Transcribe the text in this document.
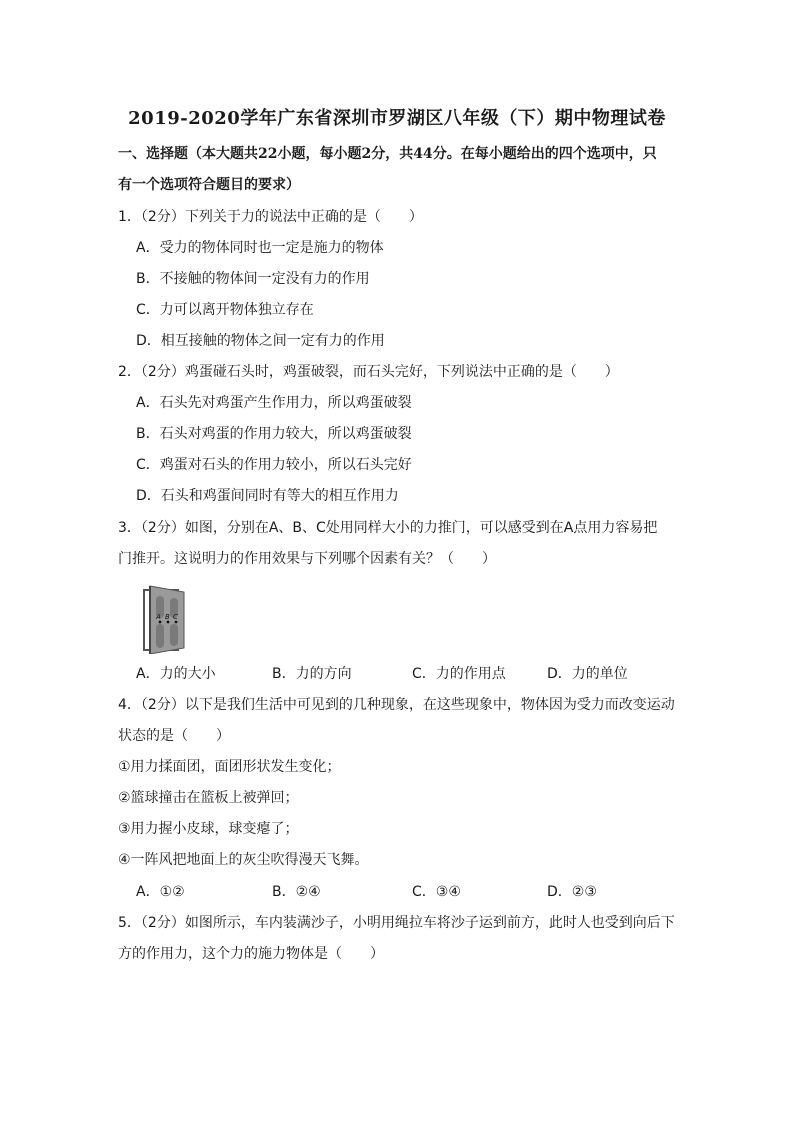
2019-2020学年广东省深圳市罗湖区八年级（下）期中物理试卷
一、选择题（本大题共22小题，每小题2分，共44分。在每小题给出的四个选项中，只
有一个选项符合题目的要求）
1．（2分）下列关于力的说法中正确的是（　　）
A．受力的物体同时也一定是施力的物体
B．不接触的物体间一定没有力的作用
C．力可以离开物体独立存在
D．相互接触的物体之间一定有力的作用
2．（2分）鸡蛋碰石头时，鸡蛋破裂，而石头完好，下列说法中正确的是（　　）
A．石头先对鸡蛋产生作用力，所以鸡蛋破裂
B．石头对鸡蛋的作用力较大，所以鸡蛋破裂
C．鸡蛋对石头的作用力较小，所以石头完好
D．石头和鸡蛋间同时有等大的相互作用力
3．（2分）如图，分别在A、B、C处用同样大小的力推门，可以感受到在A点用力容易把
门推开。这说明力的作用效果与下列哪个因素有关？（　　）
A B C
A．力的大小	B．力的方向	C．力的作用点	D．力的单位
4．（2分）以下是我们生活中可见到的几种现象，在这些现象中，物体因为受力而改变运动
状态的是（　　）
①用力揉面团，面团形状发生变化；
②篮球撞击在篮板上被弹回；
③用力握小皮球，球变瘪了；
④一阵风把地面上的灰尘吹得漫天飞舞。
A．①②	B．②④	C．③④	D．②③
5．（2分）如图所示，车内装满沙子，小明用绳拉车将沙子运到前方，此时人也受到向后下
方的作用力，这个力的施力物体是（　　）
